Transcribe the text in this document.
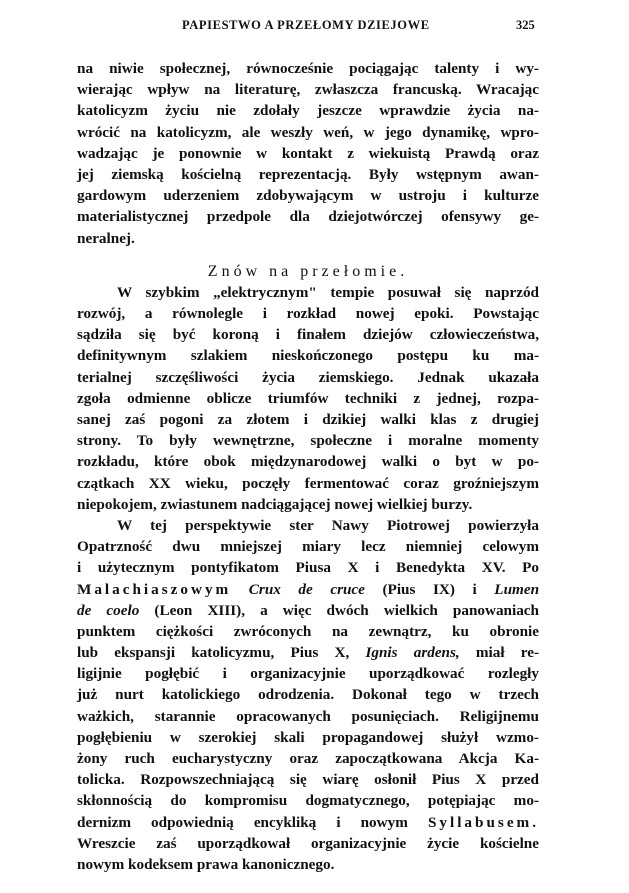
PAPIESTWO A PRZEŁOMY DZIEJOWE	325
na niwie społecznej, równocześnie pociągając talenty i wy-
wierając wpływ na literaturę, zwłaszcza francuską. Wracając
katolicyzm życiu nie zdołały jeszcze wprawdzie życia na-
wrócić na katolicyzm, ale weszły weń, w jego dynamikę, wpro-
wadzając je ponownie w kontakt z wiekuistą Prawdą oraz
jej ziemską kościelną reprezentacją. Były wstępnym awan-
gardowym uderzeniem zdobywającym w ustroju i kulturze
materialistycznej przedpole dla dziejotwórczej ofensywy ge-
neralnej.
Znów na przełomie.
W szybkim „elektrycznym" tempie posuwał się naprzód
rozwój, a równolegle i rozkład nowej epoki. Powstając
sądziła się być koroną i finałem dziejów człowieczeństwa,
definitywnym szlakiem nieskończonego postępu ku ma-
terialnej szczęśliwości życia ziemskiego. Jednak ukazała
zgoła odmienne oblicze triumfów techniki z jednej, rozpa-
sanej zaś pogoni za złotem i dzikiej walki klas z drugiej
strony. To były wewnętrzne, społeczne i moralne momenty
rozkładu, które obok międzynarodowej walki o byt w po-
czątkach XX wieku, poczęły fermentować coraz groźniejszym
niepokojem, zwiastunem nadciągającej nowej wielkiej burzy.
W tej perspektywie ster Nawy Piotrowej powierzyła
Opatrzność dwu mniejszej miary lecz niemniej celowym
i użytecznym pontyfikatom Piusa X i Benedykta XV. Po
Malachiaszowym Crux de cruce (Pius IX) i Lumen
de coelo (Leon XIII), a więc dwóch wielkich panowaniach
punktem ciężkości zwróconych na zewnątrz, ku obronie
lub ekspansji katolicyzmu, Pius X, Ignis ardens, miał re-
ligijnie pogłębić i organizacyjnie uporządkować rozległy
już nurt katolickiego odrodzenia. Dokonał tego w trzech
ważkich, starannie opracowanych posunięciach. Religijnemu
pogłębieniu w szerokiej skali propagandowej służył wzmo-
żony ruch eucharystyczny oraz zapoczątkowana Akcja Ka-
tolicka. Rozpowszechniającą się wiarę osłonił Pius X przed
skłonnością do kompromisu dogmatycznego, potępiając mo-
dernizm odpowiednią encykliką i nowym Syllabusem.
Wreszcie zaś uporządkował organizacyjnie życie kościelne
nowym kodeksem prawa kanonicznego.
